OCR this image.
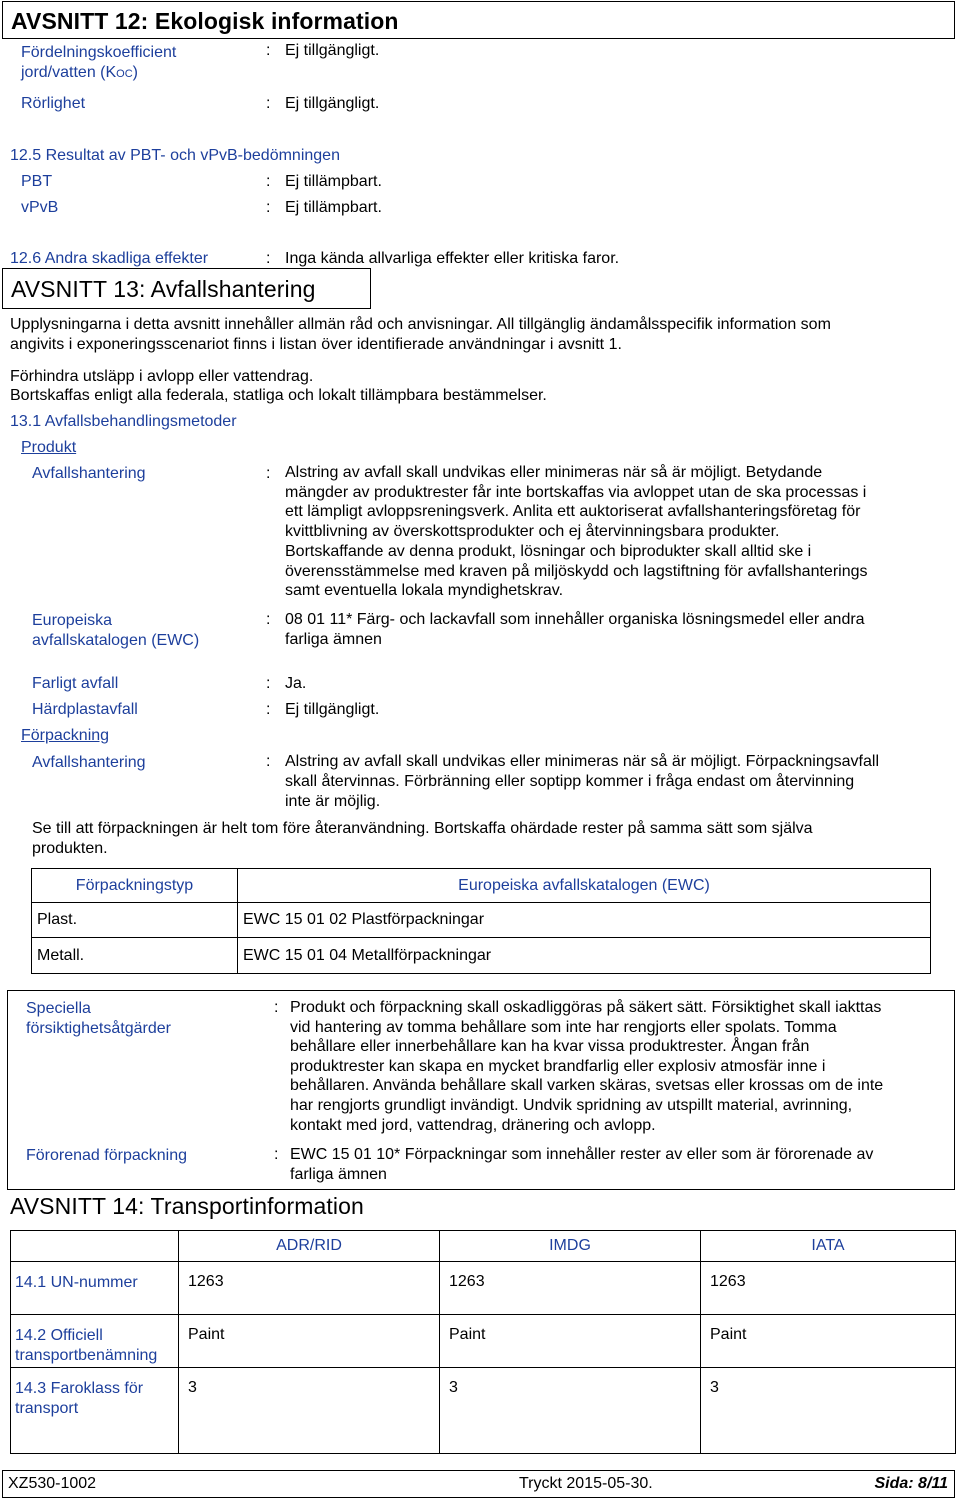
AVSNITT 12: Ekologisk information
Fördelningskoefficient
jord/vatten (KOC)
: Ej tillgängligt.
Rörlighet	: Ej tillgängligt.
12.5 Resultat av PBT- och vPvB-bedömningen
PBT	: Ej tillämpbart.
vPvB	: Ej tillämpbart.
12.6 Andra skadliga effekter	: Inga kända allvarliga effekter eller kritiska faror.
AVSNITT 13: Avfallshantering
Upplysningarna i detta avsnitt innehåller allmän råd och anvisningar. All tillgänglig ändamålsspecifik information som
angivits i exponeringsscenariot finns i listan över identifierade användningar i avsnitt 1.
Förhindra utsläpp i avlopp eller vattendrag.
Bortskaffas enligt alla federala, statliga och lokalt tillämpbara bestämmelser.
13.1 Avfallsbehandlingsmetoder
Produkt
Avfallshantering	: Alstring av avfall skall undvikas eller minimeras när så är möjligt. Betydande
mängder av produktrester får inte bortskaffas via avloppet utan de ska processas i
ett lämpligt avloppsreningsverk. Anlita ett auktoriserat avfallshanteringsföretag för
kvittblivning av överskottsprodukter och ej återvinningsbara produkter.
Bortskaffande av denna produkt, lösningar och biprodukter skall alltid ske i
överensstämmelse med kraven på miljöskydd och lagstiftning för avfallshanterings
samt eventuella lokala myndighetskrav.
Europeiska
avfallskatalogen (EWC)
: 08 01 11* Färg- och lackavfall som innehåller organiska lösningsmedel eller andra
farliga ämnen
Farligt avfall	: Ja.
Härdplastavfall	: Ej tillgängligt.
Förpackning
Avfallshantering	: Alstring av avfall skall undvikas eller minimeras när så är möjligt. Förpackningsavfall
skall återvinnas. Förbränning eller soptipp kommer i fråga endast om återvinning
inte är möjlig.
Se till att förpackningen är helt tom före återanvändning. Bortskaffa ohärdade rester på samma sätt som själva
produkten.
Förpackningstyp	Europeiska avfallskatalogen (EWC)
Plast.	EWC 15 01 02 Plastförpackningar
Metall.	EWC 15 01 04 Metallförpackningar
Speciella
försiktighetsåtgärder
: Produkt och förpackning skall oskadliggöras på säkert sätt. Försiktighet skall iakttas
vid hantering av tomma behållare som inte har rengjorts eller spolats. Tomma
behållare eller innerbehållare kan ha kvar vissa produktrester. Ångan från
produktrester kan skapa en mycket brandfarlig eller explosiv atmosfär inne i
behållaren. Använda behållare skall varken skäras, svetsas eller krossas om de inte
har rengjorts grundligt invändigt. Undvik spridning av utspillt material, avrinning,
kontakt med jord, vattendrag, dränering och avlopp.
Förorenad förpackning	: EWC 15 01 10* Förpackningar som innehåller rester av eller som är förorenade av
farliga ämnen
AVSNITT 14: Transportinformation
	ADR/RID	IMDG	IATA

14.1 UN-nummer	1263	1263	1263

14.2 Officiell
transportbenämning	Paint	Paint	Paint

14.3 Faroklass för
transport	3	3	3
XZ530-1002	Tryckt 2015-05-30.	Sida: 8/11
